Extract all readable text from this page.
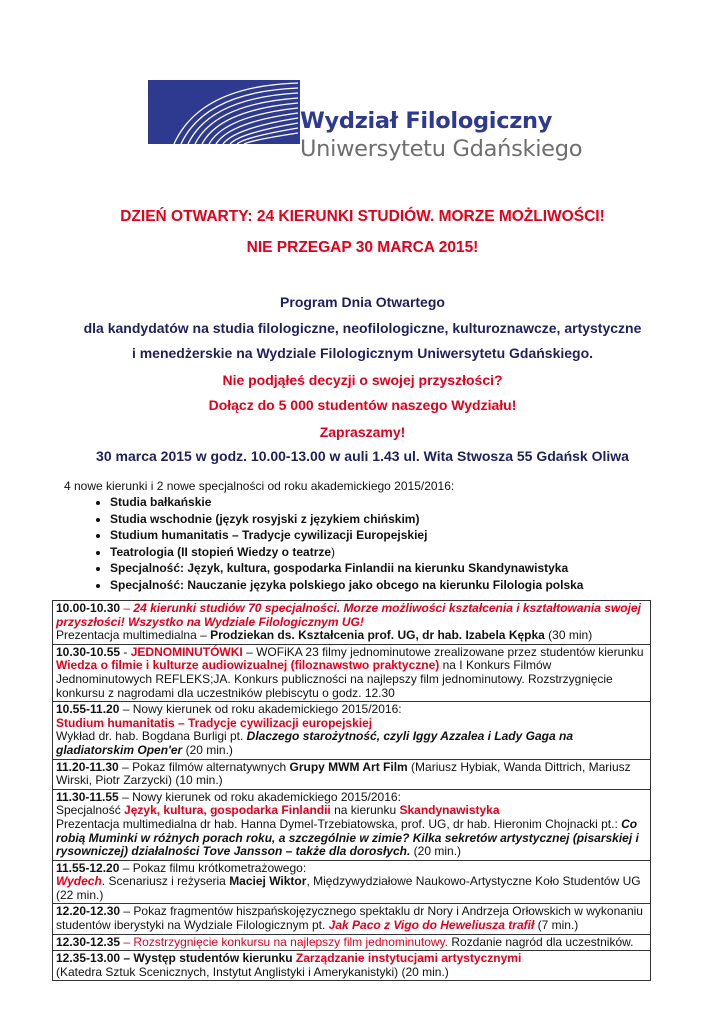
Wydział Filologiczny
Uniwersytetu Gdańskiego
DZIEŃ OTWARTY: 24 KIERUNKI STUDIÓW. MORZE MOŻLIWOŚCI!
NIE PRZEGAP 30 MARCA 2015!
Program Dnia Otwartego
dla kandydatów na studia filologiczne, neofilologiczne, kulturoznawcze, artystyczne
i menedżerskie na Wydziale Filologicznym Uniwersytetu Gdańskiego.
Nie podjąłeś decyzji o swojej przyszłości?
Dołącz do 5 000 studentów naszego Wydziału!
Zapraszamy!
30 marca 2015 w godz. 10.00-13.00 w auli 1.43 ul. Wita Stwosza 55 Gdańsk Oliwa
4 nowe kierunki i 2 nowe specjalności od roku akademickiego 2015/2016:
• Studia bałkańskie
• Studia wschodnie (język rosyjski z językiem chińskim)
• Studium humanitatis – Tradycje cywilizacji Europejskiej
• Teatrologia (II stopień Wiedzy o teatrze)
• Specjalność: Język, kultura, gospodarka Finlandii na kierunku Skandynawistyka
• Specjalność: Nauczanie języka polskiego jako obcego na kierunku Filologia polska
10.00-10.30 – 24 kierunki studiów 70 specjalności. Morze możliwości kształcenia i kształtowania swojej przyszłości! Wszystko na Wydziale Filologicznym UG!
Prezentacja multimedialna – Prodziekan ds. Kształcenia prof. UG, dr hab. Izabela Kępka (30 min)
10.30-10.55 - JEDNOMINUTÓWKI – WOFiKA 23 filmy jednominutowe zrealizowane przez studentów kierunku Wiedza o filmie i kulturze audiowizualnej (filoznawstwo praktyczne) na I Konkurs Filmów Jednominutowych REFLEKS;JA. Konkurs publiczności na najlepszy film jednominutowy. Rozstrzygnięcie konkursu z nagrodami dla uczestników plebiscytu o godz. 12.30
10.55-11.20 – Nowy kierunek od roku akademickiego 2015/2016:
Studium humanitatis – Tradycje cywilizacji europejskiej
Wykład dr. hab. Bogdana Burligi pt. Dlaczego starożytność, czyli Iggy Azzalea i Lady Gaga na gladiatorskim Open'er (20 min.)
11.20-11.30 – Pokaz filmów alternatywnych Grupy MWM Art Film (Mariusz Hybiak, Wanda Dittrich, Mariusz Wirski, Piotr Zarzycki) (10 min.)
11.30-11.55 – Nowy kierunek od roku akademickiego 2015/2016:
Specjalność Język, kultura, gospodarka Finlandii na kierunku Skandynawistyka
Prezentacja multimedialna dr hab. Hanna Dymel-Trzebiatowska, prof. UG, dr hab. Hieronim Chojnacki pt.: Co robią Muminki w różnych porach roku, a szczególnie w zimie? Kilka sekretów artystycznej (pisarskiej i rysowniczej) działalności Tove Jansson – także dla dorosłych. (20 min.)
11.55-12.20 – Pokaz filmu krótkometrażowego:
Wydech. Scenariusz i reżyseria Maciej Wiktor, Międzywydziałowe Naukowo-Artystyczne Koło Studentów UG (22 min.)
12.20-12.30 – Pokaz fragmentów hiszpańskojęzycznego spektaklu dr Nory i Andrzeja Orłowskich w wykonaniu studentów iberystyki na Wydziale Filologicznym pt. Jak Paco z Vigo do Heweliusza trafił (7 min.)
12.30-12.35 – Rozstrzygnięcie konkursu na najlepszy film jednominutowy. Rozdanie nagród dla uczestników.
12.35-13.00 – Występ studentów kierunku Zarządzanie instytucjami artystycznymi
(Katedra Sztuk Scenicznych, Instytut Anglistyki i Amerykanistyki) (20 min.)
